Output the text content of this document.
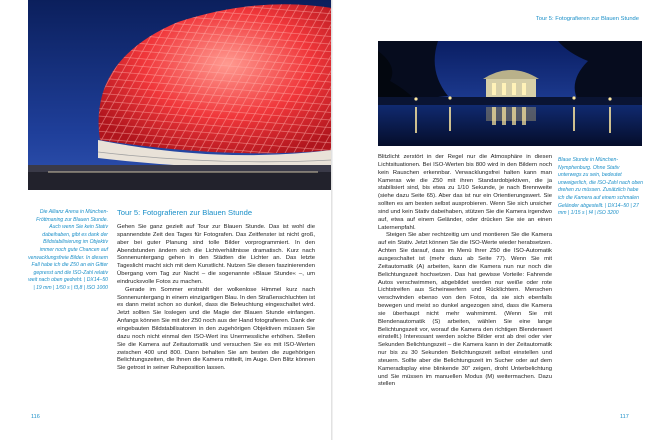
Die Allianz Arena in München-Fröttmaning zur Blauen Stunde. Auch wenn Sie kein Stativ dabeihaben, gibt es dank der Bildstabilisierung im Objektiv immer noch gute Chancen auf verwacklungsfreie Bilder. In diesem Fall habe ich die Z50 an ein Gitter gepresst und die ISO-Zahl relativ weit nach oben gedreht. | DX14–50 | 19 mm | 1/50 s | f3,8 | ISO 1000
Tour 5: Fotografieren zur Blauen Stunde

Gehen Sie ganz gezielt auf Tour zur Blauen Stunde. Das ist wohl die spannendste Zeit des Tages für Fotografen. Das Zeitfenster ist nicht groß, aber bei guter Planung sind tolle Bilder vorprogrammiert. In den Abendstunden ändern sich die Lichtverhältnisse dramatisch. Kurz nach Sonnenuntergang gehen in den Städten die Lichter an. Das letzte Tageslicht macht sich mit dem Kunstlicht. Nutzen Sie diesen faszinierenden Übergang vom Tag zur Nacht – die sogenannte »Blaue Stunde« –, um eindrucksvolle Fotos zu machen.

Gerade im Sommer erstrahlt der wolkenlose Himmel kurz nach Sonnenuntergang in einem einzigartigen Blau. In den Straßenschluchten ist es dann meist schon so dunkel, dass die Beleuchtung eingeschaltet wird. Jetzt sollten Sie loslegen und die Magie der Blauen Stunde einfangen. Anfangs können Sie mit der Z50 noch aus der Hand fotografieren. Dank der eingebauten Bildstabilisatoren in den zugehörigen Objektiven müssen Sie dazu noch nicht einmal den ISO-Wert ins Unermessliche erhöhen. Stellen Sie die Kamera auf Zeitautomatik und versuchen Sie es mit ISO-Werten zwischen 400 und 800. Dann behalten Sie am besten die zugehörigen Belichtungszeiten, die Ihnen die Kamera mitteilt, im Auge. Den Blitz können Sie getrost in seiner Ruheposition lassen.

116
Tour 5: Fotografieren zur Blauen Stunde

Blitzlicht zerstört in der Regel nur die Atmosphäre in diesen Lichtsituationen. Bei ISO-Werten bis 800 wird in den Bildern noch kein Rauschen erkennbar. Verwacklungsfrei halten kann man Kameras wie die Z50 mit ihren Standardobjektiven, die ja stabilisiert sind, bis etwa zu 1/10 Sekunde, je nach Brennweite (siehe dazu Seite 65). Aber das ist nur ein Orientierungswert. Sie sollten es am besten selbst ausprobieren. Wenn Sie sich unsicher sind und kein Stativ dabeihaben, stützen Sie die Kamera irgendwo auf, etwa auf einem Geländer, oder drücken Sie sie an einen Laternenpfahl.

Steigen Sie aber rechtzeitig um und montieren Sie die Kamera auf ein Stativ. Jetzt können Sie die ISO-Werte wieder herabsetzen. Achten Sie darauf, dass im Menü Ihrer Z50 die ISO-Automatik ausgeschaltet ist (mehr dazu ab Seite 77). Wenn Sie mit Zeitautomatik (A) arbeiten, kann die Kamera nun nur noch die Belichtungszeit hochsetzen. Das hat gewisse Vorteile: Fahrende Autos verschwimmen, abgebildet werden nur weiße oder rote Lichtstreifen aus Scheinwerfern und Rücklichtern. Menschen verschwinden ebenso von den Fotos, da sie sich ebenfalls bewegen und meist so dunkel angezogen sind, dass die Kamera sie überhaupt nicht mehr wahrnimmt. (Wenn Sie mit Blendenautomatik (S) arbeiten, wählen Sie eine lange Belichtungszeit vor, worauf die Kamera den richtigen Blendenwert einstellt.) Interessant werden solche Bilder erst ab drei oder vier Sekunden Belichtungszeit – die Kamera kann in der Zeitautomatik nur bis zu 30 Sekunden Belichtungszeit selbst einstellen und steuern. Sollte aber die Belichtungszeit im Sucher oder auf dem Kameradisplay eine blinkende 30" zeigen, droht Unterbelichtung und Sie müssen im manuellen Modus (M) weitermachen. Dazu stellen

Blaue Stunde in München-Nymphenburg. Ohne Stativ unterwegs zu sein, bedeutet unweigerlich, die ISO-Zahl nach oben drehen zu müssen. Zusätzlich habe ich die Kamera auf einem schmalen Geländer abgestellt. | DX14–50 | 27 mm | 1/15 s | f4 | ISO 3200
117
